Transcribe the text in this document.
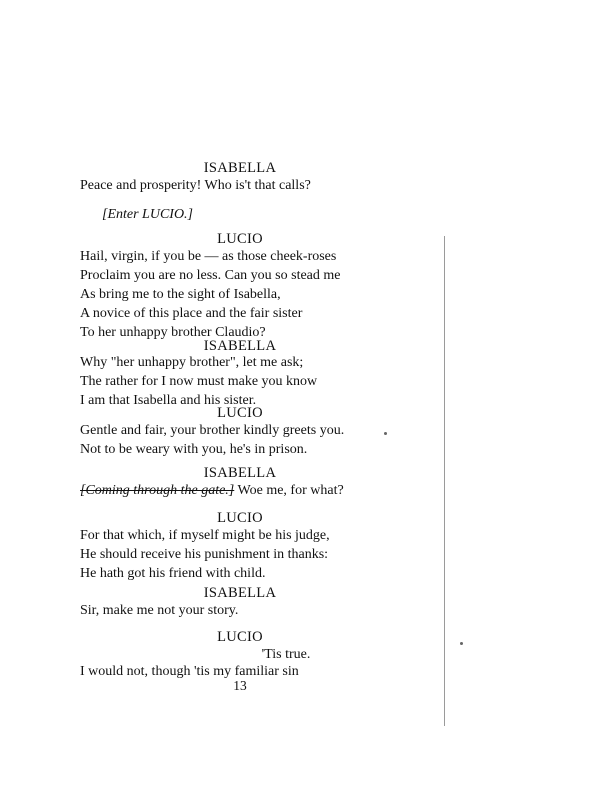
ISABELLA
Peace and prosperity! Who is't that calls?
[Enter LUCIO.]
LUCIO
Hail, virgin, if you be — as those cheek-roses
Proclaim you are no less. Can you so stead me
As bring me to the sight of Isabella,
A novice of this place and the fair sister
To her unhappy brother Claudio?
ISABELLA
Why "her unhappy brother", let me ask;
The rather for I now must make you know
I am that Isabella and his sister.
LUCIO
Gentle and fair, your brother kindly greets you.
Not to be weary with you, he's in prison.
ISABELLA
[Coming through the gate.] Woe me, for what?
LUCIO
For that which, if myself might be his judge,
He should receive his punishment in thanks:
He hath got his friend with child.
ISABELLA
Sir, make me not your story.
LUCIO
'Tis true.
I would not, though 'tis my familiar sin
13
